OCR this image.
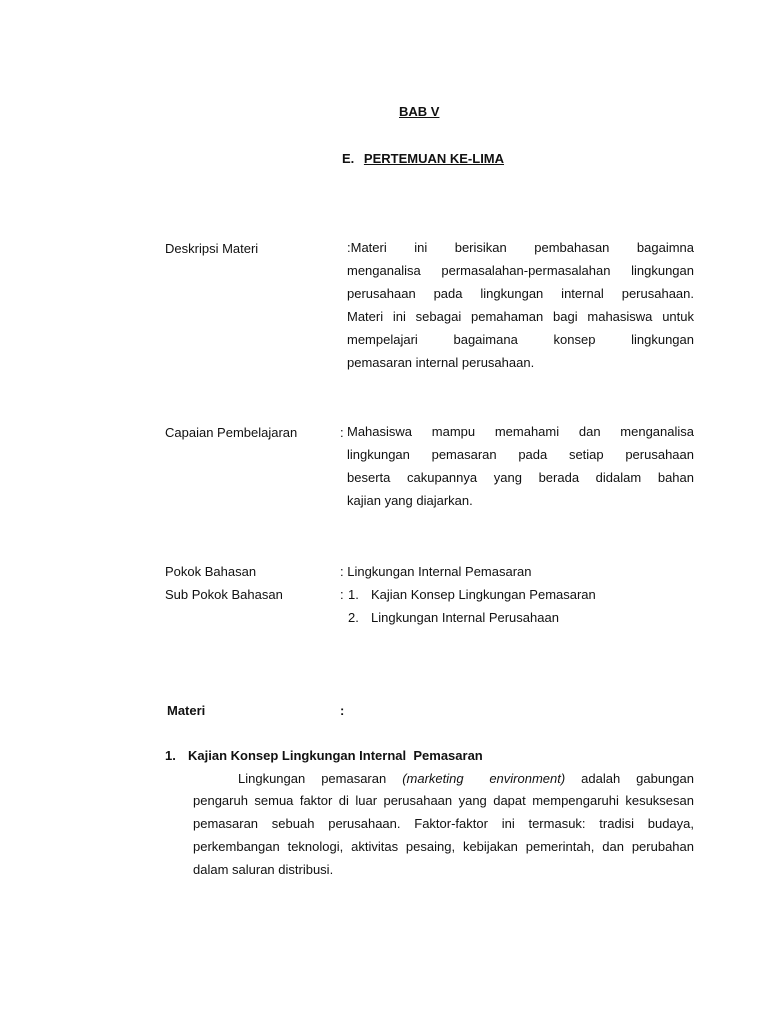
BAB V
E. PERTEMUAN KE-LIMA
Deskripsi Materi	:Materi ini berisikan pembahasan bagaimna
menganalisa permasalahan-permasalahan lingkungan
perusahaan pada lingkungan internal perusahaan.
Materi ini sebagai pemahaman bagi mahasiswa untuk
mempelajari bagaimana konsep lingkungan
pemasaran internal perusahaan.
Capaian Pembelajaran	: Mahasiswa mampu memahami dan menganalisa
lingkungan pemasaran pada setiap perusahaan
beserta cakupannya yang berada didalam bahan
kajian yang diajarkan.
Pokok Bahasan	: Lingkungan Internal Pemasaran
Sub Pokok Bahasan	: 1. Kajian Konsep Lingkungan Pemasaran
2. Lingkungan Internal Perusahaan
Materi	:
1. Kajian Konsep Lingkungan Internal  Pemasaran
Lingkungan pemasaran (marketing environment) adalah gabungan
pengaruh semua faktor di luar perusahaan yang dapat mempengaruhi kesuksesan
pemasaran sebuah perusahaan. Faktor-faktor ini termasuk: tradisi budaya,
perkembangan teknologi, aktivitas pesaing, kebijakan pemerintah, dan perubahan
dalam saluran distribusi.
